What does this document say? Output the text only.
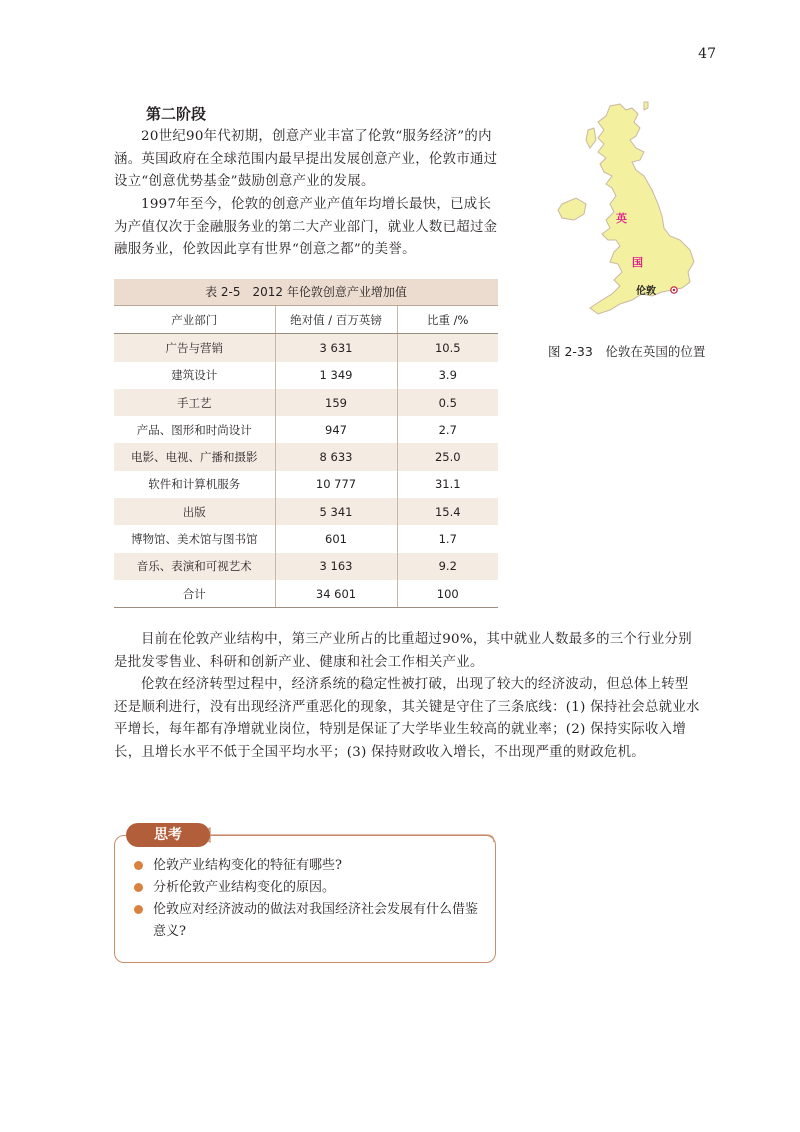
47
第二阶段

20世纪90年代初期，创意产业丰富了伦敦“服务经济”的内涵。英国政府在全球范围内最早提出发展创意产业，伦敦市通过设立“创意优势基金”鼓励创意产业的发展。

1997年至今，伦敦的创意产业产值年均增长最快，已成长为产值仅次于金融服务业的第二大产业部门，就业人数已超过金融服务业，伦敦因此享有世界“创意之都”的美誉。

表 2-5　2012 年伦敦创意产业增加值
产业部门	绝对值 / 百万英镑	比重 /%
广告与营销	3 631	10.5
建筑设计	1 349	3.9
手工艺	159	0.5
产品、图形和时尚设计	947	2.7
电影、电视、广播和摄影	8 633	25.0
软件和计算机服务	10 777	31.1
出版	5 341	15.4
博物馆、美术馆与图书馆	601	1.7
音乐、表演和可视艺术	3 163	9.2
合计	34 601	100
英
国
伦敦
图 2-33　伦敦在英国的位置

目前在伦敦产业结构中，第三产业所占的比重超过90%，其中就业人数最多的三个行业分别是批发零售业、科研和创新产业、健康和社会工作相关产业。

伦敦在经济转型过程中，经济系统的稳定性被打破，出现了较大的经济波动，但总体上转型还是顺利进行，没有出现经济严重恶化的现象，其关键是守住了三条底线：(1) 保持社会总就业水平增长，每年都有净增就业岗位，特别是保证了大学毕业生较高的就业率；(2) 保持实际收入增长，且增长水平不低于全国平均水平；(3) 保持财政收入增长，不出现严重的财政危机。

思考
伦敦产业结构变化的特征有哪些?
分析伦敦产业结构变化的原因。
伦敦应对经济波动的做法对我国经济社会发展有什么借鉴意义?
